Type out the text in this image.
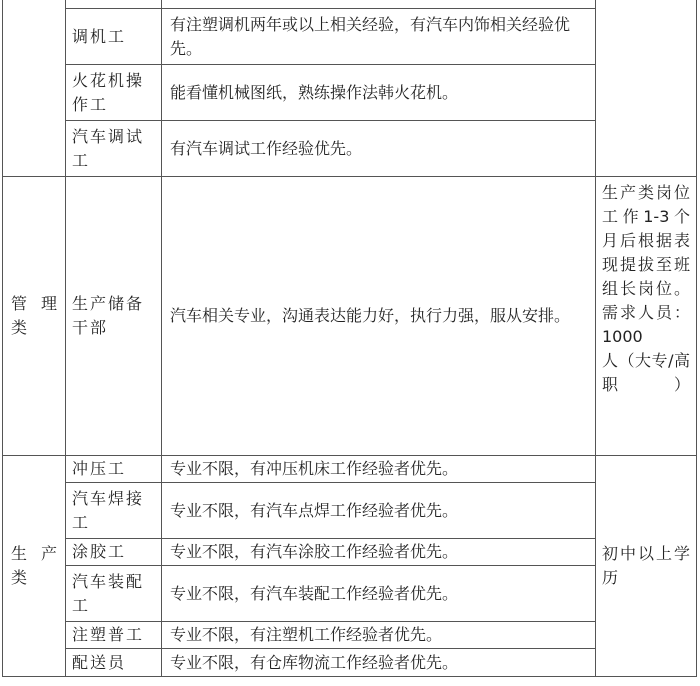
	调机工	有注塑调机两年或以上相关经验，有汽车内饰相关经验优先。	
	火花机操作工	能看懂机械图纸，熟练操作法韩火花机。	
	汽车调试工	有汽车调试工作经验优先。	
管理类	生产储备干部	汽车相关专业，沟通表达能力好，执行力强，服从安排。	生产类岗位工作1-3个月后根据表现提拔至班组长岗位。需求人员：1000
人（大专/高职）

生产类	冲压工	专业不限，有冲压机床工作经验者优先。	初中以上学历
	汽车焊接工	专业不限，有汽车点焊工作经验者优先。	
	涂胶工	专业不限，有汽车涂胶工作经验者优先。	
	汽车装配工	专业不限，有汽车装配工作经验者优先。	
	注塑普工	专业不限，有注塑机工作经验者优先。	
	配送员	专业不限，有仓库物流工作经验者优先。	
